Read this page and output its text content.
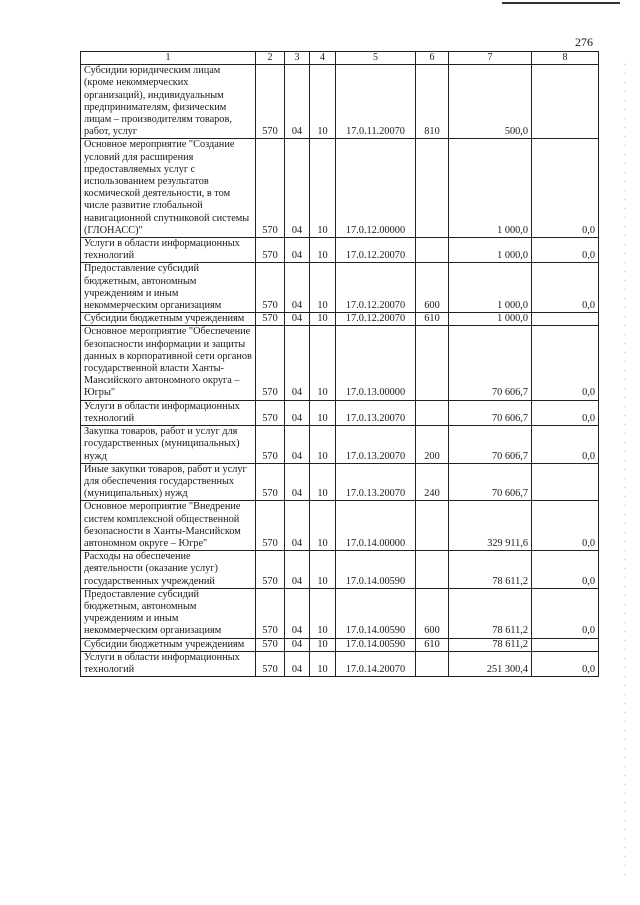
276
1	2	3	4	5	6	7	8
Субсидии юридическим лицам (кроме некоммерческих организаций), индивидуальным предпринимателям, физическим лицам – производителям товаров, работ, услуг	570	04	10	17.0.11.20070	810	500,0	
Основное мероприятие "Создание условий для расширения предоставляемых услуг с использованием результатов космической деятельности, в том числе развитие глобальной навигационной спутниковой системы (ГЛОНАСС)"	570	04	10	17.0.12.00000		1 000,0	0,0
Услуги в области информационных технологий	570	04	10	17.0.12.20070		1 000,0	0,0
Предоставление субсидий бюджетным, автономным учреждениям и иным некоммерческим организациям	570	04	10	17.0.12.20070	600	1 000,0	0,0
Субсидии бюджетным учреждениям	570	04	10	17.0.12.20070	610	1 000,0	
Основное мероприятие "Обеспечение безопасности информации и защиты данных в корпоративной сети органов государственной власти Ханты-Мансийского автономного округа – Югры"	570	04	10	17.0.13.00000		70 606,7	0,0
Услуги в области информационных технологий	570	04	10	17.0.13.20070		70 606,7	0,0
Закупка товаров, работ и услуг для государственных (муниципальных) нужд	570	04	10	17.0.13.20070	200	70 606,7	0,0
Иные закупки товаров, работ и услуг для обеспечения государственных (муниципальных) нужд	570	04	10	17.0.13.20070	240	70 606,7	
Основное мероприятие "Внедрение систем комплексной общественной безопасности в Ханты-Мансийском автономном округе – Югре"	570	04	10	17.0.14.00000		329 911,6	0,0
Расходы на обеспечение деятельности (оказание услуг) государственных учреждений	570	04	10	17.0.14.00590		78 611,2	0,0
Предоставление субсидий бюджетным, автономным учреждениям и иным некоммерческим организациям	570	04	10	17.0.14.00590	600	78 611,2	0,0
Субсидии бюджетным учреждениям	570	04	10	17.0.14.00590	610	78 611,2	
Услуги в области информационных технологий	570	04	10	17.0.14.20070		251 300,4	0,0
